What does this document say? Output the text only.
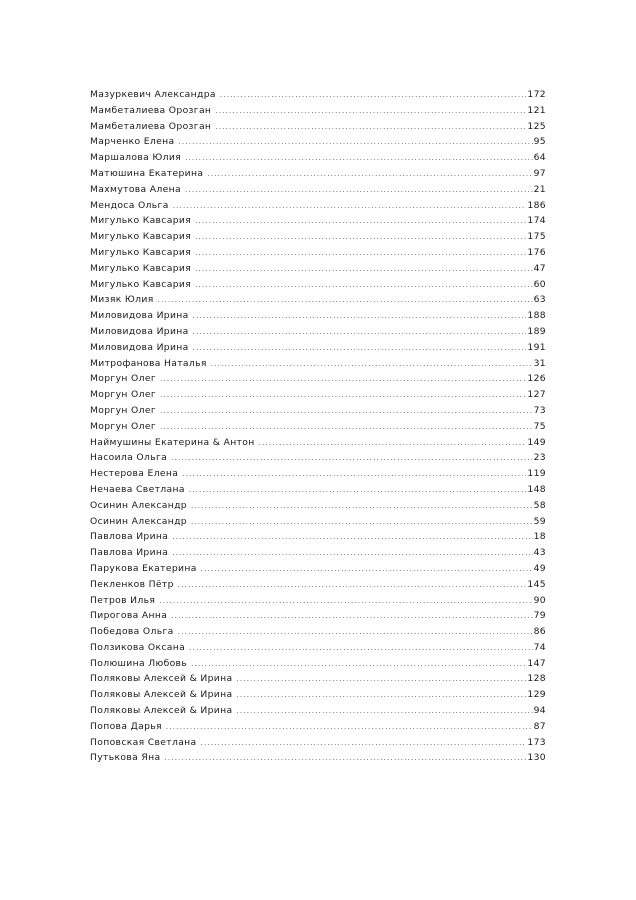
Мазуркевич Александра .....	172
Мамбеталиева Орозган .....	121
Мамбеталиева Орозган .....	125
Марченко Елена .....	95
Маршалова Юлия .....	64
Матюшина Екатерина .....	97
Махмутова Алена .....	21
Мендоса Ольга .....	186
Мигулько Кавсария .....	174
Мигулько Кавсария .....	175
Мигулько Кавсария .....	176
Мигулько Кавсария .....	47
Мигулько Кавсария .....	60
Мизяк Юлия .....	63
Миловидова Ирина .....	188
Миловидова Ирина .....	189
Миловидова Ирина .....	191
Митрофанова Наталья .....	31
Моргун Олег .....	126
Моргун Олег .....	127
Моргун Олег .....	73
Моргун Олег .....	75
Наймушины Екатерина & Антон .....	149
Насоила Ольга .....	23
Нестерова Елена .....	119
Нечаева Светлана .....	148
Осинин Александр .....	58
Осинин Александр .....	59
Павлова Ирина .....	18
Павлова Ирина .....	43
Парукова Екатерина .....	49
Пекленков Пётр .....	145
Петров Илья .....	90
Пирогова Анна .....	79
Победова Ольга .....	86
Ползикова Оксана .....	74
Полюшина Любовь .....	147
Поляковы Алексей & Ирина .....	128
Поляковы Алексей & Ирина .....	129
Поляковы Алексей & Ирина .....	94
Попова Дарья .....	87
Поповская Светлана .....	173
Путькова Яна .....	130
